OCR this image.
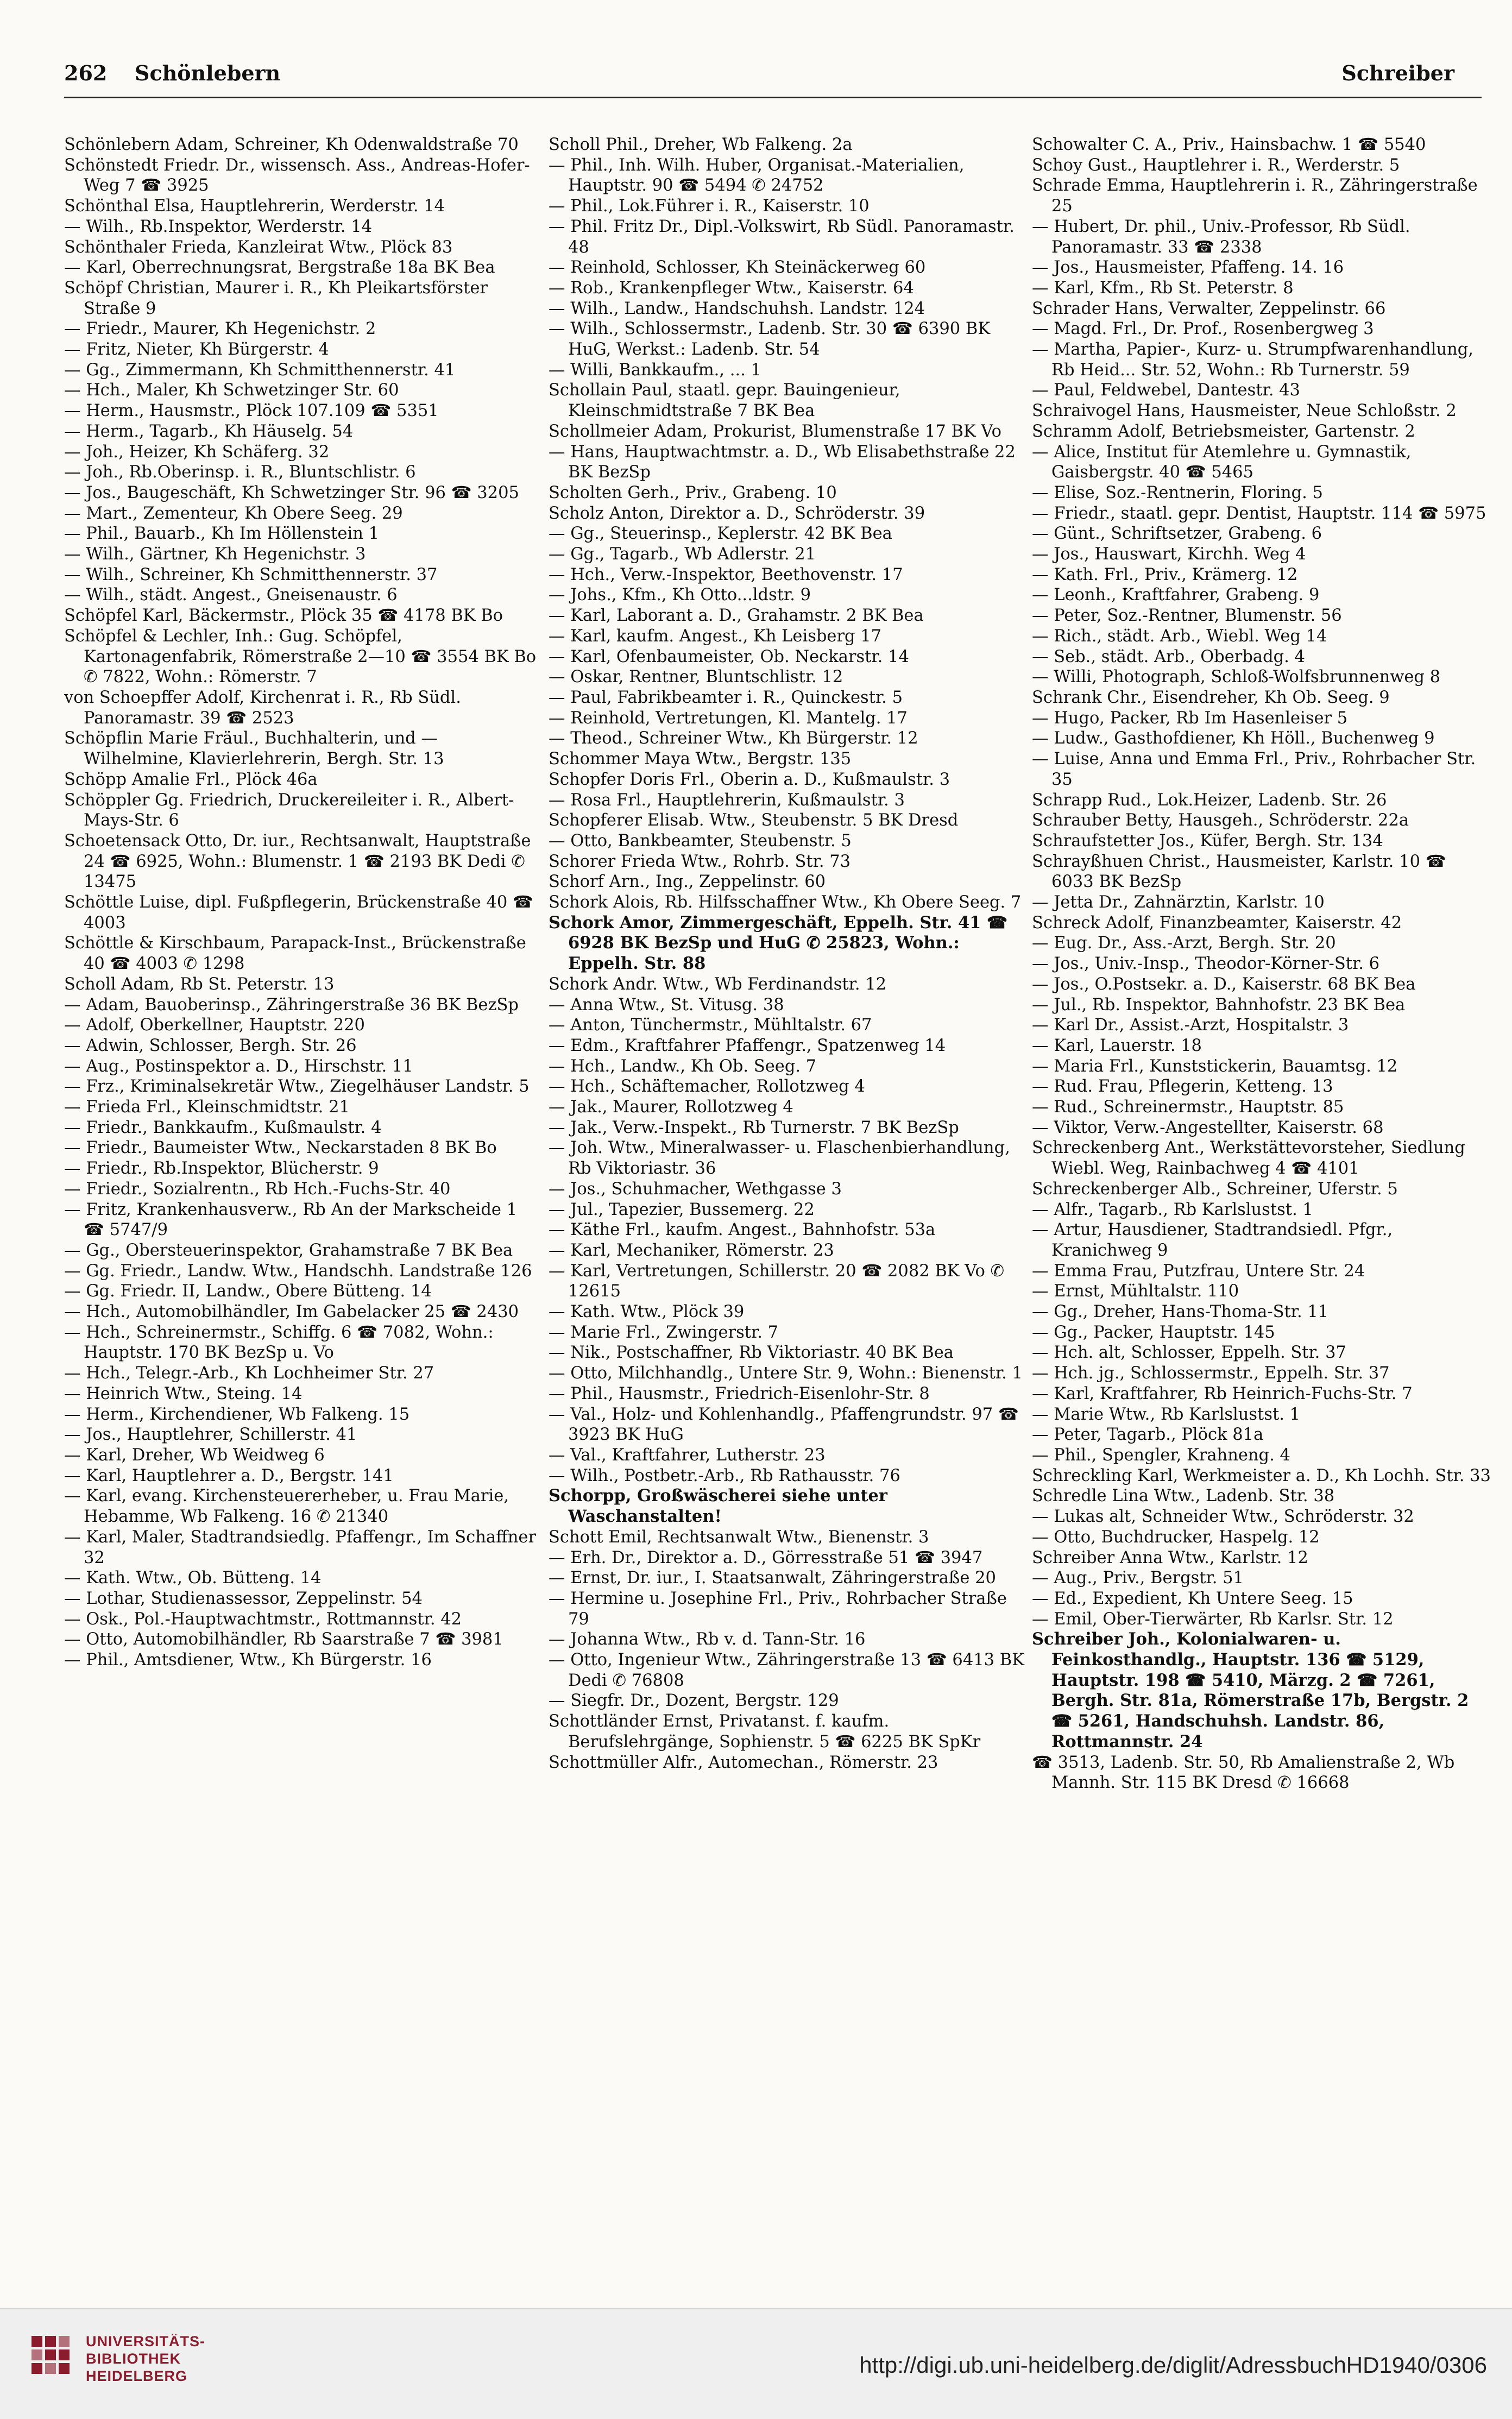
262 Schönlebern	Schreiber

Schönlebern Adam, Schreiner, Kh Odenwaldstraße 70

Schönstedt Friedr. Dr., wissensch. Ass., Andreas-Hofer-Weg 7 ☎ 3925

Schönthal Elsa, Hauptlehrerin, Werderstr. 14

— Wilh., Rb.Inspektor, Werderstr. 14

Schönthaler Frieda, Kanzleirat Wtw., Plöck 83

— Karl, Oberrechnungsrat, Bergstraße 18a BK Bea

Schöpf Christian, Maurer i. R., Kh Pleikartsförster Straße 9

— Friedr., Maurer, Kh Hegenichstr. 2

— Fritz, Nieter, Kh Bürgerstr. 4

— Gg., Zimmermann, Kh Schmitthennerstr. 41

— Hch., Maler, Kh Schwetzinger Str. 60

— Herm., Hausmstr., Plöck 107.109 ☎ 5351

— Herm., Tagarb., Kh Häuselg. 54

— Joh., Heizer, Kh Schäferg. 32

— Joh., Rb.Oberinsp. i. R., Bluntschlistr. 6

— Jos., Baugeschäft, Kh Schwetzinger Str. 96 ☎ 3205

— Mart., Zementeur, Kh Obere Seeg. 29

— Phil., Bauarb., Kh Im Höllenstein 1

— Wilh., Gärtner, Kh Hegenichstr. 3

— Wilh., Schreiner, Kh Schmitthennerstr. 37

— Wilh., städt. Angest., Gneisenaustr. 6

Schöpfel Karl, Bäckermstr., Plöck 35 ☎ 4178 BK Bo

Schöpfel & Lechler, Inh.: Gug. Schöpfel, Kartonagenfabrik, Römerstraße 2—10 ☎ 3554 BK Bo ✆ 7822, Wohn.: Römerstr. 7

von Schoepffer Adolf, Kirchenrat i. R., Rb Südl. Panoramastr. 39 ☎ 2523

Schöpflin Marie Fräul., Buchhalterin, und — Wilhelmine, Klavierlehrerin, Bergh. Str. 13

Schöpp Amalie Frl., Plöck 46a

Schöppler Gg. Friedrich, Druckereileiter i. R., Albert-Mays-Str. 6

Schoetensack Otto, Dr. iur., Rechtsanwalt, Hauptstraße 24 ☎ 6925, Wohn.: Blumenstr. 1 ☎ 2193 BK Dedi ✆ 13475

Schöttle Luise, dipl. Fußpflegerin, Brückenstraße 40 ☎ 4003

Schöttle & Kirschbaum, Parapack-Inst., Brückenstraße 40 ☎ 4003 ✆ 1298

Scholl Adam, Rb St. Peterstr. 13

— Adam, Bauoberinsp., Zähringerstraße 36 BK BezSp

— Adolf, Oberkellner, Hauptstr. 220

— Adwin, Schlosser, Bergh. Str. 26

— Aug., Postinspektor a. D., Hirschstr. 11

— Frz., Kriminalsekretär Wtw., Ziegelhäuser Landstr. 5

— Frieda Frl., Kleinschmidtstr. 21

— Friedr., Bankkaufm., Kußmaulstr. 4

— Friedr., Baumeister Wtw., Neckarstaden 8 BK Bo

— Friedr., Rb.Inspektor, Blücherstr. 9

— Friedr., Sozialrentn., Rb Hch.-Fuchs-Str. 40

— Fritz, Krankenhausverw., Rb An der Markscheide 1 ☎ 5747/9

— Gg., Obersteuerinspektor, Grahamstraße 7 BK Bea

— Gg. Friedr., Landw. Wtw., Handschh. Landstraße 126

— Gg. Friedr. II, Landw., Obere Bütteng. 14

— Hch., Automobilhändler, Im Gabelacker 25 ☎ 2430

— Hch., Schreinermstr., Schiffg. 6 ☎ 7082, Wohn.: Hauptstr. 170 BK BezSp u. Vo

— Hch., Telegr.-Arb., Kh Lochheimer Str. 27

— Heinrich Wtw., Steing. 14

— Herm., Kirchendiener, Wb Falkeng. 15

— Jos., Hauptlehrer, Schillerstr. 41

— Karl, Dreher, Wb Weidweg 6

— Karl, Hauptlehrer a. D., Bergstr. 141

— Karl, evang. Kirchensteuererheber, u. Frau Marie, Hebamme, Wb Falkeng. 16 ✆ 21340

— Karl, Maler, Stadtrandsiedlg. Pfaffengr., Im Schaffner 32

— Kath. Wtw., Ob. Bütteng. 14

— Lothar, Studienassessor, Zeppelinstr. 54

— Osk., Pol.-Hauptwachtmstr., Rottmannstr. 42

— Otto, Automobilhändler, Rb Saarstraße 7 ☎ 3981

— Phil., Amtsdiener, Wtw., Kh Bürgerstr. 16

Scholl Phil., Dreher, Wb Falkeng. 2a

— Phil., Inh. Wilh. Huber, Organisat.-Materialien, Hauptstr. 90 ☎ 5494 ✆ 24752

— Phil., Lok.Führer i. R., Kaiserstr. 10

— Phil. Fritz Dr., Dipl.-Volkswirt, Rb Südl. Panoramastr. 48

— Reinhold, Schlosser, Kh Steinäckerweg 60

— Rob., Krankenpfleger Wtw., Kaiserstr. 64

— Wilh., Landw., Handschuhsh. Landstr. 124

— Wilh., Schlossermstr., Ladenb. Str. 30 ☎ 6390 BK HuG, Werkst.: Ladenb. Str. 54

— Willi, Bankkaufm., ... 1

Schollain Paul, staatl. gepr. Bauingenieur, Kleinschmidtstraße 7 BK Bea

Schollmeier Adam, Prokurist, Blumenstraße 17 BK Vo

— Hans, Hauptwachtmstr. a. D., Wb Elisabethstraße 22 BK BezSp

Scholten Gerh., Priv., Grabeng. 10

Scholz Anton, Direktor a. D., Schröderstr. 39

— Gg., Steuerinsp., Keplerstr. 42 BK Bea

— Gg., Tagarb., Wb Adlerstr. 21

— Hch., Verw.-Inspektor, Beethovenstr. 17

— Johs., Kfm., Kh Otto...ldstr. 9

— Karl, Laborant a. D., Grahamstr. 2 BK Bea

— Karl, kaufm. Angest., Kh Leisberg 17

— Karl, Ofenbaumeister, Ob. Neckarstr. 14

— Oskar, Rentner, Bluntschlistr. 12

— Paul, Fabrikbeamter i. R., Quinckestr. 5

— Reinhold, Vertretungen, Kl. Mantelg. 17

— Theod., Schreiner Wtw., Kh Bürgerstr. 12

Schommer Maya Wtw., Bergstr. 135

Schopfer Doris Frl., Oberin a. D., Kußmaulstr. 3

— Rosa Frl., Hauptlehrerin, Kußmaulstr. 3

Schopferer Elisab. Wtw., Steubenstr. 5 BK Dresd

— Otto, Bankbeamter, Steubenstr. 5

Schorer Frieda Wtw., Rohrb. Str. 73

Schorf Arn., Ing., Zeppelinstr. 60

Schork Alois, Rb. Hilfsschaffner Wtw., Kh Obere Seeg. 7

Schork Amor, Zimmergeschäft, Eppelh. Str. 41 ☎ 6928 BK BezSp und HuG ✆ 25823, Wohn.: Eppelh. Str. 88

Schork Andr. Wtw., Wb Ferdinandstr. 12

— Anna Wtw., St. Vitusg. 38

— Anton, Tünchermstr., Mühltalstr. 67

— Edm., Kraftfahrer Pfaffengr., Spatzenweg 14

— Hch., Landw., Kh Ob. Seeg. 7

— Hch., Schäftemacher, Rollotzweg 4

— Jak., Maurer, Rollotzweg 4

— Jak., Verw.-Inspekt., Rb Turnerstr. 7 BK BezSp

— Joh. Wtw., Mineralwasser- u. Flaschenbierhandlung, Rb Viktoriastr. 36

— Jos., Schuhmacher, Wethgasse 3

— Jul., Tapezier, Bussemerg. 22

— Käthe Frl., kaufm. Angest., Bahnhofstr. 53a

— Karl, Mechaniker, Römerstr. 23

— Karl, Vertretungen, Schillerstr. 20 ☎ 2082 BK Vo ✆ 12615

— Kath. Wtw., Plöck 39

— Marie Frl., Zwingerstr. 7

— Nik., Postschaffner, Rb Viktoriastr. 40 BK Bea

— Otto, Milchhandlg., Untere Str. 9, Wohn.: Bienenstr. 1

— Phil., Hausmstr., Friedrich-Eisenlohr-Str. 8

— Val., Holz- und Kohlenhandlg., Pfaffengrundstr. 97 ☎ 3923 BK HuG

— Val., Kraftfahrer, Lutherstr. 23

— Wilh., Postbetr.-Arb., Rb Rathausstr. 76

Schorpp, Großwäscherei siehe unter Waschanstalten!

Schott Emil, Rechtsanwalt Wtw., Bienenstr. 3

— Erh. Dr., Direktor a. D., Görresstraße 51 ☎ 3947

— Ernst, Dr. iur., I. Staatsanwalt, Zähringerstraße 20

— Hermine u. Josephine Frl., Priv., Rohrbacher Straße 79

— Johanna Wtw., Rb v. d. Tann-Str. 16

— Otto, Ingenieur Wtw., Zähringerstraße 13 ☎ 6413 BK Dedi ✆ 76808

— Siegfr. Dr., Dozent, Bergstr. 129

Schottländer Ernst, Privatanst. f. kaufm. Berufslehrgänge, Sophienstr. 5 ☎ 6225 BK SpKr

Schottmüller Alfr., Automechan., Römerstr. 23

Schowalter C. A., Priv., Hainsbachw. 1 ☎ 5540

Schoy Gust., Hauptlehrer i. R., Werderstr. 5

Schrade Emma, Hauptlehrerin i. R., Zähringerstraße 25

— Hubert, Dr. phil., Univ.-Professor, Rb Südl. Panoramastr. 33 ☎ 2338

— Jos., Hausmeister, Pfaffeng. 14. 16

— Karl, Kfm., Rb St. Peterstr. 8

Schrader Hans, Verwalter, Zeppelinstr. 66

— Magd. Frl., Dr. Prof., Rosenbergweg 3

— Martha, Papier-, Kurz- u. Strumpfwarenhandlung, Rb Heid... Str. 52, Wohn.: Rb Turnerstr. 59

— Paul, Feldwebel, Dantestr. 43

Schraivogel Hans, Hausmeister, Neue Schloßstr. 2

Schramm Adolf, Betriebsmeister, Gartenstr. 2

— Alice, Institut für Atemlehre u. Gymnastik, Gaisbergstr. 40 ☎ 5465

— Elise, Soz.-Rentnerin, Floring. 5

— Friedr., staatl. gepr. Dentist, Hauptstr. 114 ☎ 5975

— Günt., Schriftsetzer, Grabeng. 6

— Jos., Hauswart, Kirchh. Weg 4

— Kath. Frl., Priv., Krämerg. 12

— Leonh., Kraftfahrer, Grabeng. 9

— Peter, Soz.-Rentner, Blumenstr. 56

— Rich., städt. Arb., Wiebl. Weg 14

— Seb., städt. Arb., Oberbadg. 4

— Willi, Photograph, Schloß-Wolfsbrunnenweg 8

Schrank Chr., Eisendreher, Kh Ob. Seeg. 9

— Hugo, Packer, Rb Im Hasenleiser 5

— Ludw., Gasthofdiener, Kh Höll., Buchenweg 9

— Luise, Anna und Emma Frl., Priv., Rohrbacher Str. 35

Schrapp Rud., Lok.Heizer, Ladenb. Str. 26

Schrauber Betty, Hausgeh., Schröderstr. 22a

Schraufstetter Jos., Küfer, Bergh. Str. 134

Schrayßhuen Christ., Hausmeister, Karlstr. 10 ☎ 6033 BK BezSp

— Jetta Dr., Zahnärztin, Karlstr. 10

Schreck Adolf, Finanzbeamter, Kaiserstr. 42

— Eug. Dr., Ass.-Arzt, Bergh. Str. 20

— Jos., Univ.-Insp., Theodor-Körner-Str. 6

— Jos., O.Postsekr. a. D., Kaiserstr. 68 BK Bea

— Jul., Rb. Inspektor, Bahnhofstr. 23 BK Bea

— Karl Dr., Assist.-Arzt, Hospitalstr. 3

— Karl, Lauerstr. 18

— Maria Frl., Kunststickerin, Bauamtsg. 12

— Rud. Frau, Pflegerin, Ketteng. 13

— Rud., Schreinermstr., Hauptstr. 85

— Viktor, Verw.-Angestellter, Kaiserstr. 68

Schreckenberg Ant., Werkstättevorsteher, Siedlung Wiebl. Weg, Rainbachweg 4 ☎ 4101

Schreckenberger Alb., Schreiner, Uferstr. 5

— Alfr., Tagarb., Rb Karlslustst. 1

— Artur, Hausdiener, Stadtrandsiedl. Pfgr., Kranichweg 9

— Emma Frau, Putzfrau, Untere Str. 24

— Ernst, Mühltalstr. 110

— Gg., Dreher, Hans-Thoma-Str. 11

— Gg., Packer, Hauptstr. 145

— Hch. alt, Schlosser, Eppelh. Str. 37

— Hch. jg., Schlossermstr., Eppelh. Str. 37

— Karl, Kraftfahrer, Rb Heinrich-Fuchs-Str. 7

— Marie Wtw., Rb Karlslustst. 1

— Peter, Tagarb., Plöck 81a

— Phil., Spengler, Krahneng. 4

Schreckling Karl, Werkmeister a. D., Kh Lochh. Str. 33

Schredle Lina Wtw., Ladenb. Str. 38

— Lukas alt, Schneider Wtw., Schröderstr. 32

— Otto, Buchdrucker, Haspelg. 12

Schreiber Anna Wtw., Karlstr. 12

— Aug., Priv., Bergstr. 51

— Ed., Expedient, Kh Untere Seeg. 15

— Emil, Ober-Tierwärter, Rb Karlsr. Str. 12

Schreiber Joh., Kolonialwaren- u. Feinkosthandlg., Hauptstr. 136 ☎ 5129, Hauptstr. 198 ☎ 5410, Märzg. 2 ☎ 7261, Bergh. Str. 81a, Römerstraße 17b, Bergstr. 2 ☎ 5261, Handschuhsh. Landstr. 86, Rottmannstr. 24

☎ 3513, Ladenb. Str. 50, Rb Amalienstraße 2, Wb Mannh. Str. 115 BK Dresd ✆ 16668

UNIVERSITÄTS-
BIBLIOTHEK
HEIDELBERG	http://digi.ub.uni-heidelberg.de/diglit/AdressbuchHD1940/0306
